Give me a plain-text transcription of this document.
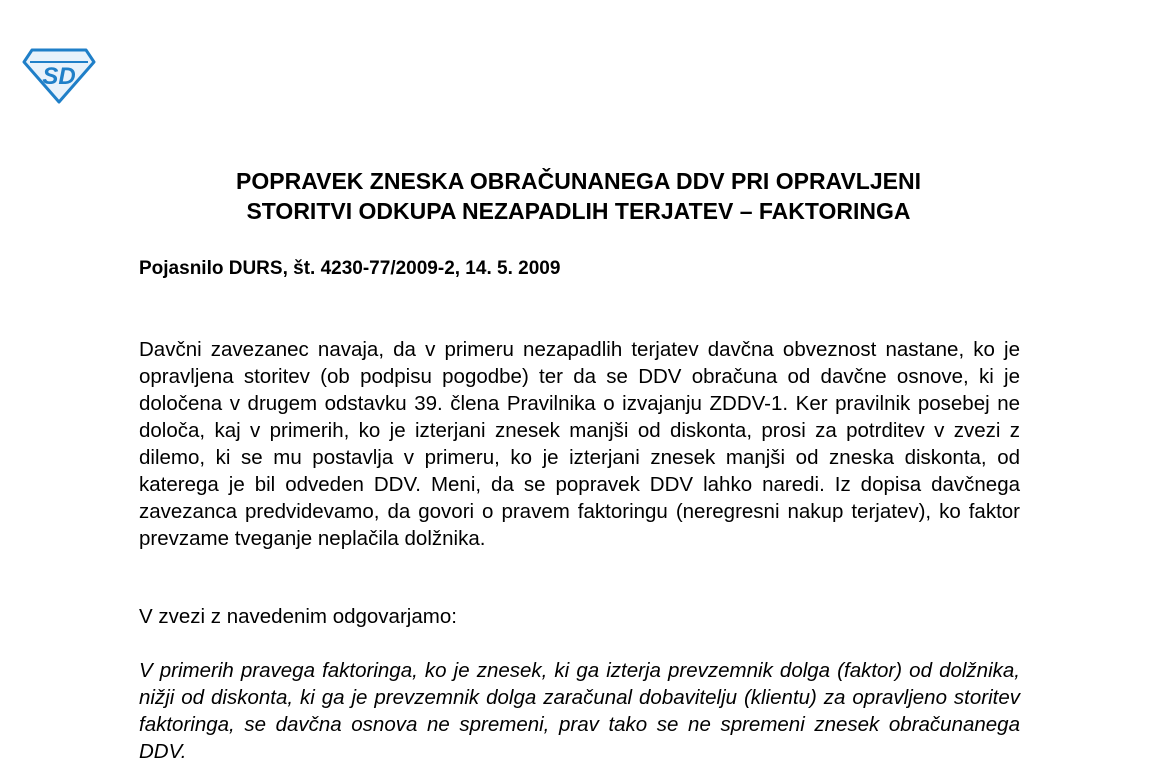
SD
POPRAVEK ZNESKA OBRAČUNANEGA DDV PRI OPRAVLJENI
STORITVI ODKUPA NEZAPADLIH TERJATEV – FAKTORINGA

Pojasnilo DURS, št. 4230-77/2009-2, 14. 5. 2009

Davčni zavezanec navaja, da v primeru nezapadlih terjatev davčna obveznost nastane, ko je opravljena storitev (ob podpisu pogodbe) ter da se DDV obračuna od davčne osnove, ki je določena v drugem odstavku 39. člena Pravilnika o izvajanju ZDDV-1. Ker pravilnik posebej ne določa, kaj v primerih, ko je izterjani znesek manjši od diskonta, prosi za potrditev v zvezi z dilemo, ki se mu postavlja v primeru, ko je izterjani znesek manjši od zneska diskonta, od katerega je bil odveden DDV. Meni, da se popravek DDV lahko naredi. Iz dopisa davčnega zavezanca predvidevamo, da govori o pravem faktoringu (neregresni nakup terjatev), ko faktor prevzame tveganje neplačila dolžnika.

V zvezi z navedenim odgovarjamo:

V primerih pravega faktoringa, ko je znesek, ki ga izterja prevzemnik dolga (faktor) od dolžnika, nižji od diskonta, ki ga je prevzemnik dolga zaračunal dobavitelju (klientu) za opravljeno storitev faktoringa, se davčna osnova ne spremeni, prav tako se ne spremeni znesek obračunanega DDV.
